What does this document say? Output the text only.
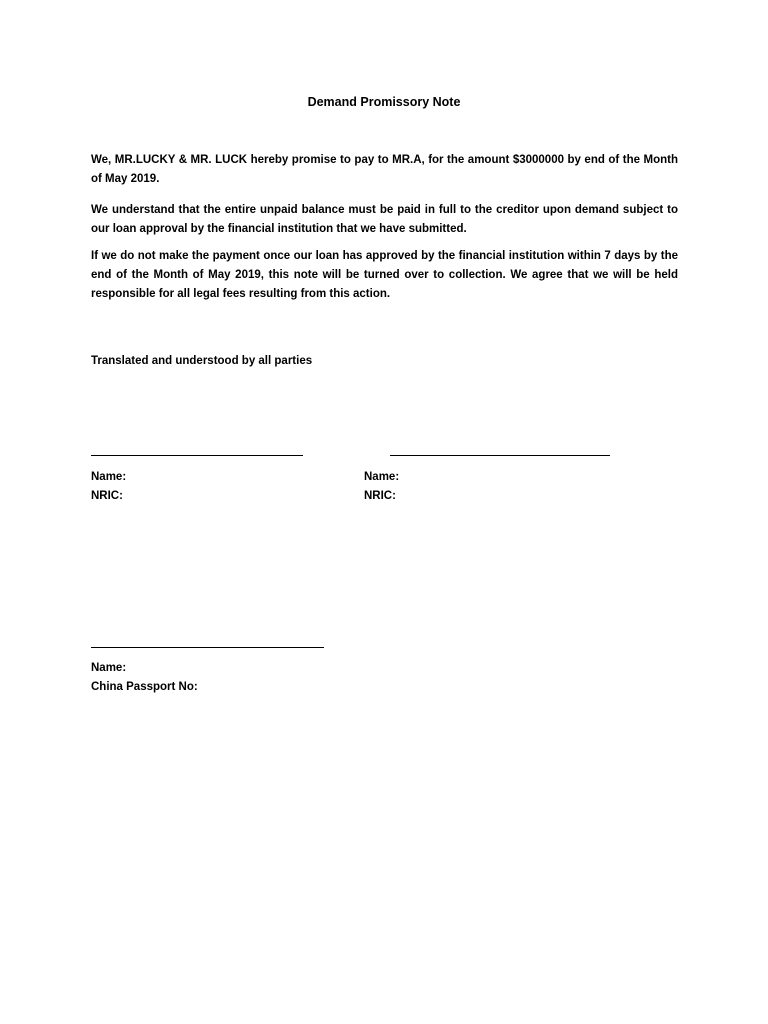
Demand Promissory Note

We, MR.LUCKY & MR. LUCK hereby promise to pay to MR.A, for the amount $3000000 by end of the Month of May 2019.

We understand that the entire unpaid balance must be paid in full to the creditor upon demand subject to our loan approval by the financial institution that we have submitted.

If we do not make the payment once our loan has approved by the financial institution within 7 days by the end of the Month of May 2019, this note will be turned over to collection. We agree that we will be held responsible for all legal fees resulting from this action.

Translated and understood by all parties

Name:
NRIC:
Name:
NRIC:
Name:
China Passport No:
